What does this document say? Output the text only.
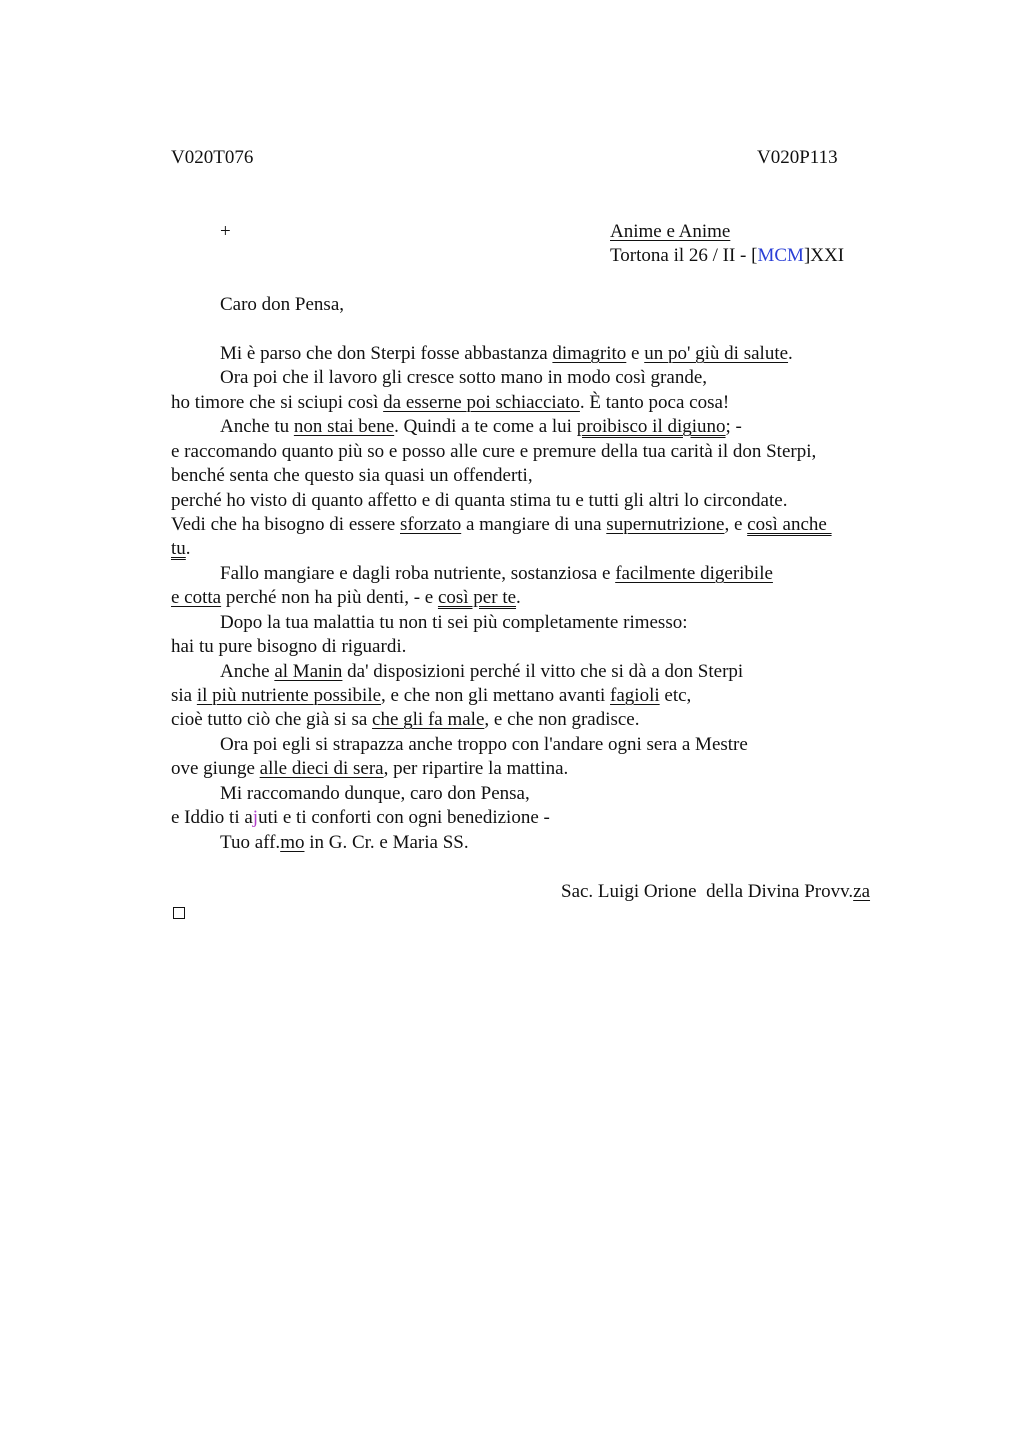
V020T076	V020P113
+	Anime e Anime
Tortona il 26 / II - [MCM]XXI
Caro don Pensa,
Mi è parso che don Sterpi fosse abbastanza dimagrito e un po' giù di salute.
Ora poi che il lavoro gli cresce sotto mano in modo così grande,
ho timore che si sciupi così da esserne poi schiacciato. È tanto poca cosa!
Anche tu non stai bene. Quindi a te come a lui proibisco il digiuno; -
e raccomando quanto più so e posso alle cure e premure della tua carità il don Sterpi,
benché senta che questo sia quasi un offenderti,
perché ho visto di quanto affetto e di quanta stima tu e tutti gli altri lo circondate.
Vedi che ha bisogno di essere sforzato a mangiare di una supernutrizione, e così anche
tu.
Fallo mangiare e dagli roba nutriente, sostanziosa e facilmente digeribile
e cotta perché non ha più denti, - e così per te.
Dopo la tua malattia tu non ti sei più completamente rimesso:
hai tu pure bisogno di riguardi.
Anche al Manin da' disposizioni perché il vitto che si dà a don Sterpi
sia il più nutriente possibile, e che non gli mettano avanti fagioli etc,
cioè tutto ciò che già si sa che gli fa male, e che non gradisce.
Ora poi egli si strapazza anche troppo con l'andare ogni sera a Mestre
ove giunge alle dieci di sera, per ripartire la mattina.
Mi raccomando dunque, caro don Pensa,
e Iddio ti ajuti e ti conforti con ogni benedizione -
Tuo aff.mo in G. Cr. e Maria SS.
Sac. Luigi Orione  della Divina Provv.za
